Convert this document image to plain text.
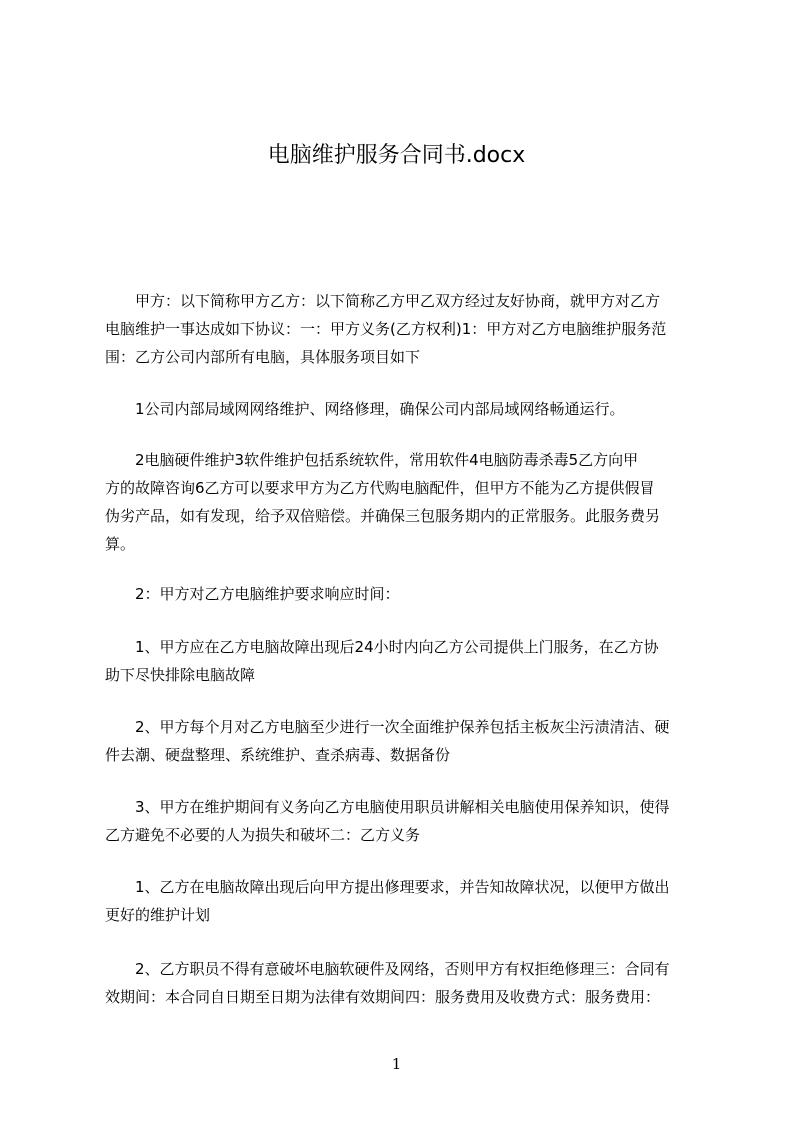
电脑维护服务合同书.docx
　　甲方：以下简称甲方乙方：以下简称乙方甲乙双方经过友好协商，就甲方对乙方
电脑维护一事达成如下协议：一：甲方义务(乙方权利)1：甲方对乙方电脑维护服务范
围：乙方公司内部所有电脑，具体服务项目如下
　　1公司内部局域网网络维护、网络修理，确保公司内部局域网络畅通运行。
　　2电脑硬件维护3软件维护包括系统软件，常用软件4电脑防毒杀毒5乙方向甲
方的故障咨询6乙方可以要求甲方为乙方代购电脑配件，但甲方不能为乙方提供假冒
伪劣产品，如有发现，给予双倍赔偿。并确保三包服务期内的正常服务。此服务费另
算。
　　2：甲方对乙方电脑维护要求响应时间：
　　1、甲方应在乙方电脑故障出现后24小时内向乙方公司提供上门服务，在乙方协
助下尽快排除电脑故障
　　2、甲方每个月对乙方电脑至少进行一次全面维护保养包括主板灰尘污渍清洁、硬
件去潮、硬盘整理、系统维护、查杀病毒、数据备份
　　3、甲方在维护期间有义务向乙方电脑使用职员讲解相关电脑使用保养知识，使得
乙方避免不必要的人为损失和破坏二：乙方义务
　　1、乙方在电脑故障出现后向甲方提出修理要求，并告知故障状况，以便甲方做出
更好的维护计划
　　2、乙方职员不得有意破坏电脑软硬件及网络，否则甲方有权拒绝修理三：合同有
效期间：本合同自日期至日期为法律有效期间四：服务费用及收费方式：服务费用：
1
